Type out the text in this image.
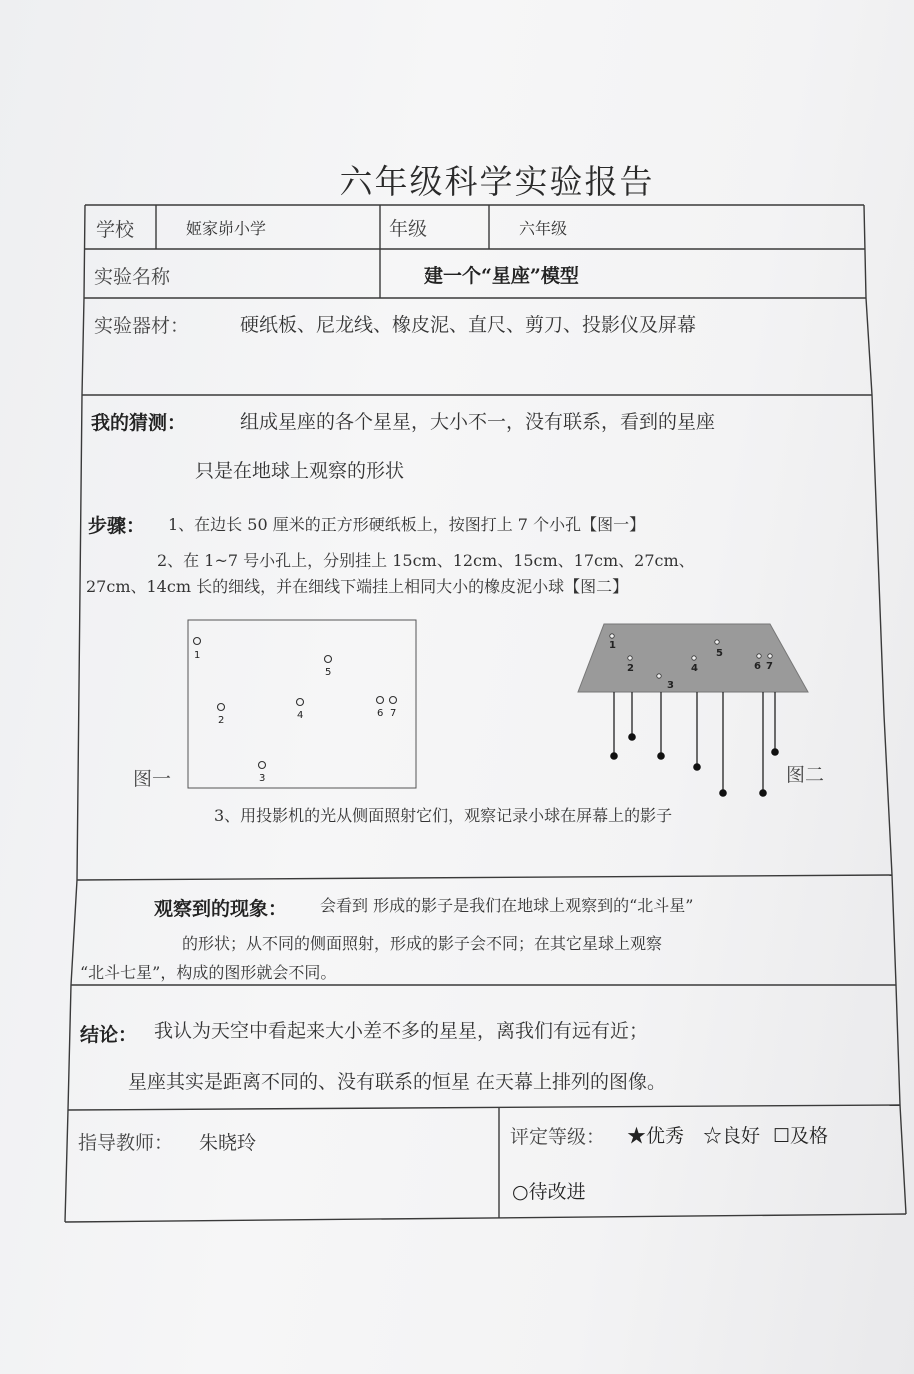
六年级科学实验报告
学校	姬家峁小学	年级	六年级
实验名称	建一个“星座”模型
实验器材：	硬纸板、尼龙线、橡皮泥、直尺、剪刀、投影仪及屏幕
我的猜测：	组成星座的各个星星，大小不一，没有联系，看到的星座
只是在地球上观察的形状
步骤： 1、在边长 50 厘米的正方形硬纸板上，按图打上 7 个小孔【图一】
2、在 1~7 号小孔上，分别挂上 15cm、12cm、15cm、17cm、27cm、
27cm、14cm 长的细线，并在细线下端挂上相同大小的橡皮泥小球【图二】
1
2
3
4
5
6 7
图一
1
2
3
4
5
6 7
图二
3、用投影机的光从侧面照射它们，观察记录小球在屏幕上的影子
观察到的现象： 会看到 形成的影子是我们在地球上观察到的“北斗星”
的形状；从不同的侧面照射，形成的影子会不同；在其它星球上观察
“北斗七星”，构成的图形就会不同。
结论： 我认为天空中看起来大小差不多的星星，离我们有远有近；
星座其实是距离不同的、没有联系的恒星 在天幕上排列的图像。
指导教师： 朱晓玲	评定等级： ★优秀 ☆良好 ☐及格
○待改进
